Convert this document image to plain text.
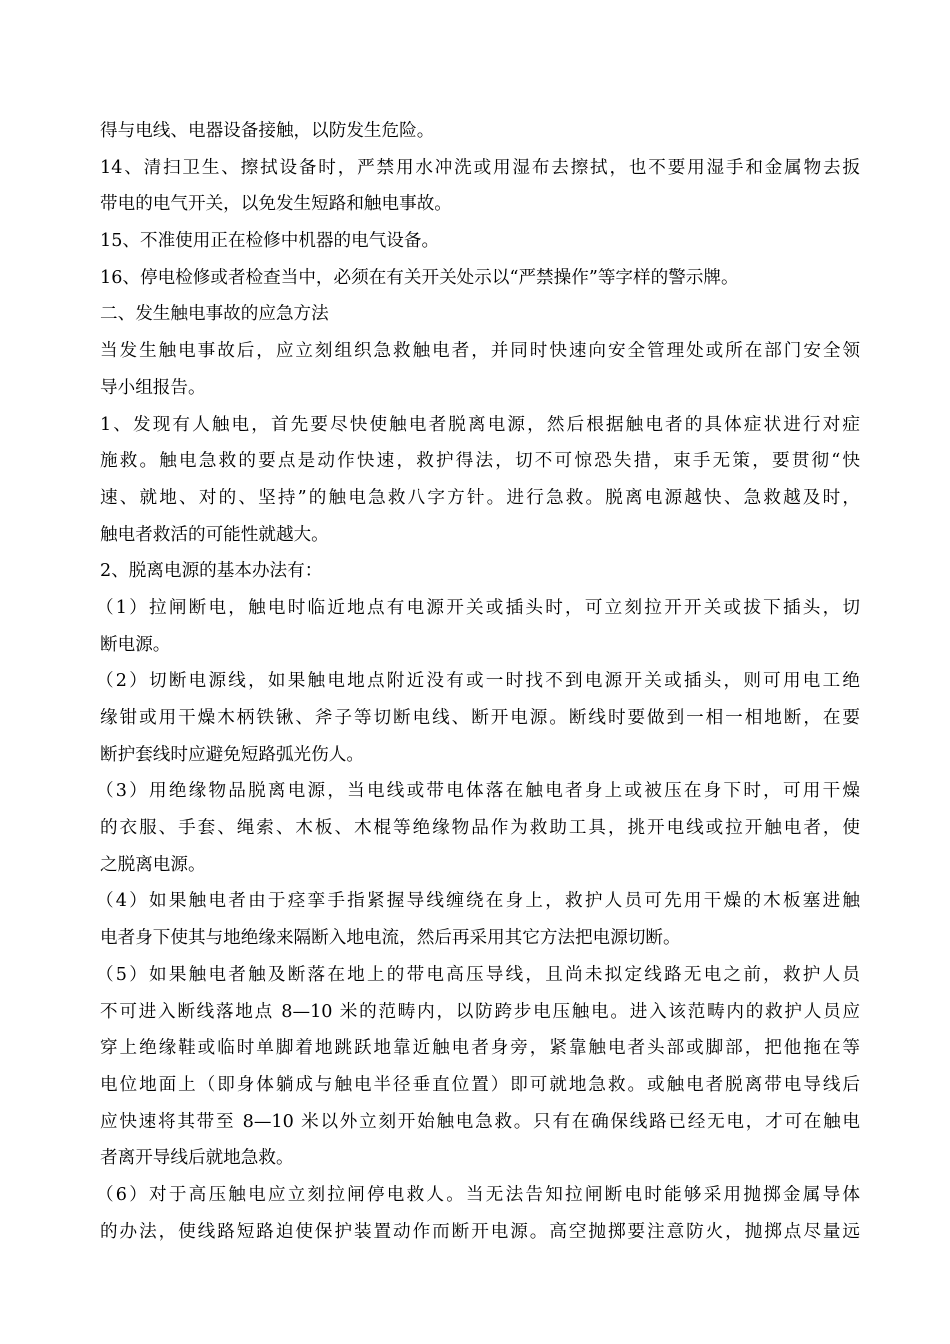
得与电线、电器设备接触，以防发生危险。
14、清扫卫生、擦拭设备时，严禁用水冲洗或用湿布去擦拭，也不要用湿手和金属物去扳
带电的电气开关，以免发生短路和触电事故。
15、不准使用正在检修中机器的电气设备。
16、停电检修或者检查当中，必须在有关开关处示以“严禁操作”等字样的警示牌。
二、发生触电事故的应急方法
当发生触电事故后，应立刻组织急救触电者，并同时快速向安全管理处或所在部门安全领
导小组报告。
1、发现有人触电，首先要尽快使触电者脱离电源，然后根据触电者的具体症状进行对症
施救。触电急救的要点是动作快速，救护得法，切不可惊恐失措，束手无策，要贯彻“快
速、就地、对的、坚持”的触电急救八字方针。进行急救。脱离电源越快、急救越及时，
触电者救活的可能性就越大。
2、脱离电源的基本办法有：
（1）拉闸断电，触电时临近地点有电源开关或插头时，可立刻拉开开关或拔下插头，切
断电源。
（2）切断电源线，如果触电地点附近没有或一时找不到电源开关或插头，则可用电工绝
缘钳或用干燥木柄铁锹、斧子等切断电线、断开电源。断线时要做到一相一相地断，在要
断护套线时应避免短路弧光伤人。
（3）用绝缘物品脱离电源，当电线或带电体落在触电者身上或被压在身下时，可用干燥
的衣服、手套、绳索、木板、木棍等绝缘物品作为救助工具，挑开电线或拉开触电者，使
之脱离电源。
（4）如果触电者由于痉挛手指紧握导线缠绕在身上，救护人员可先用干燥的木板塞进触
电者身下使其与地绝缘来隔断入地电流，然后再采用其它方法把电源切断。
（5）如果触电者触及断落在地上的带电高压导线，且尚未拟定线路无电之前，救护人员
不可进入断线落地点 8—10 米的范畴内，以防跨步电压触电。进入该范畴内的救护人员应
穿上绝缘鞋或临时单脚着地跳跃地靠近触电者身旁，紧靠触电者头部或脚部，把他拖在等
电位地面上（即身体躺成与触电半径垂直位置）即可就地急救。或触电者脱离带电导线后
应快速将其带至 8—10 米以外立刻开始触电急救。只有在确保线路已经无电，才可在触电
者离开导线后就地急救。
（6）对于高压触电应立刻拉闸停电救人。当无法告知拉闸断电时能够采用抛掷金属导体
的办法，使线路短路迫使保护装置动作而断开电源。高空抛掷要注意防火，抛掷点尽量远
